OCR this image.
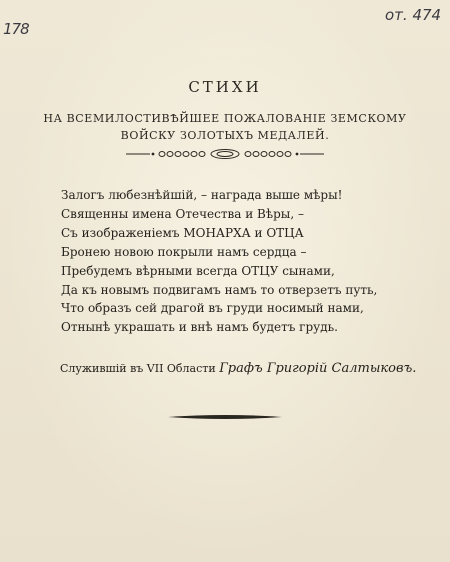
178
от. 474
СТИХИ
НА ВСЕМИЛОСТИВѢЙШЕЕ ПОЖАЛОВАНІЕ ЗЕМСКОМУ
ВОЙСКУ ЗОЛОТЫХЪ МЕДАЛЕЙ.
Залогъ любезнѣйшій, – награда выше мѣры!
Священны имена Отечества и Вѣры, –
Съ изображеніемъ МОНАРХА и ОТЦА
Бронею новою покрыли намъ сердца –
Пребудемъ вѣрными всегда ОТЦУ сынами,
Да къ новымъ подвигамъ намъ то отверзетъ путь,
Что образъ сей драгой въ груди носимый нами,
Отнынѣ украшать и внѣ намъ будетъ грудь.
Служившій въ VII Области Графъ Григорій Салтыковъ.
